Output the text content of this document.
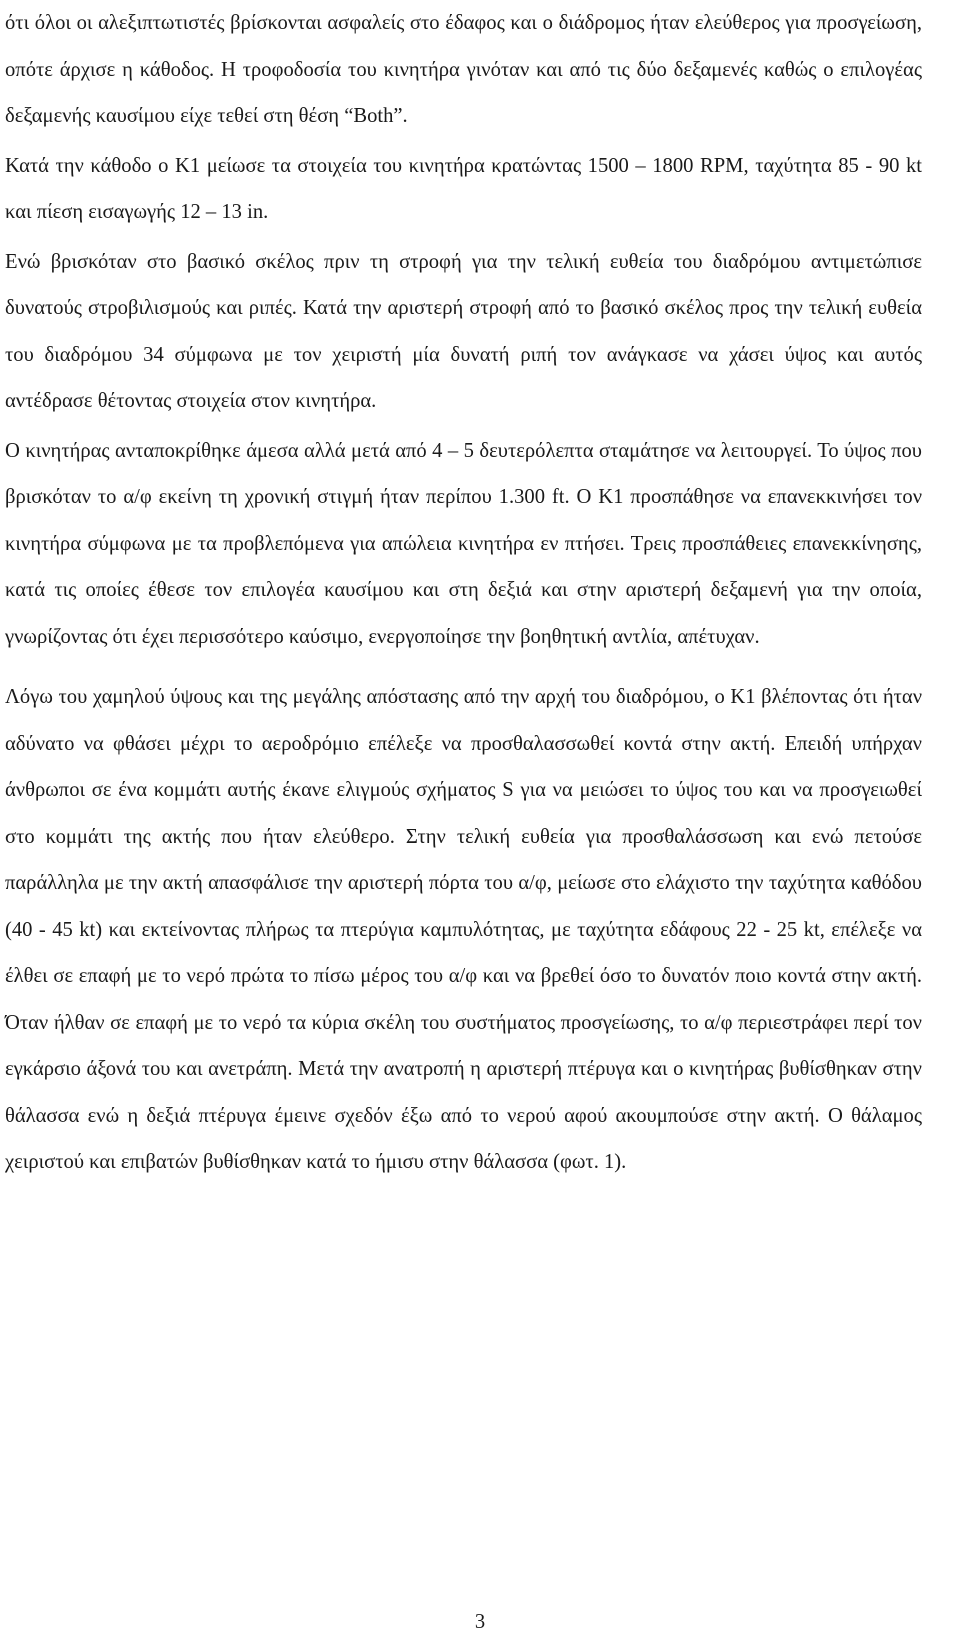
ότι όλοι οι αλεξιπτωτιστές βρίσκονται ασφαλείς στο έδαφος και ο διάδρομος ήταν ελεύθερος για προσγείωση, οπότε άρχισε η κάθοδος. Η τροφοδοσία του κινητήρα γινόταν και από τις δύο δεξαμενές καθώς ο επιλογέας δεξαμενής καυσίμου είχε τεθεί στη θέση “Both”.

Κατά την κάθοδο ο Κ1 μείωσε τα στοιχεία του κινητήρα κρατώντας 1500 – 1800 RPM, ταχύτητα 85 - 90 kt και πίεση εισαγωγής 12 – 13 in.

Ενώ βρισκόταν στο βασικό σκέλος πριν τη στροφή για την τελική ευθεία του διαδρόμου αντιμετώπισε δυνατούς στροβιλισμούς και ριπές. Κατά την αριστερή στροφή από το βασικό σκέλος προς την τελική ευθεία του διαδρόμου 34 σύμφωνα με τον χειριστή μία δυνατή ριπή τον ανάγκασε να χάσει ύψος και αυτός αντέδρασε θέτοντας στοιχεία στον κινητήρα.

Ο κινητήρας ανταποκρίθηκε άμεσα αλλά μετά από 4 – 5 δευτερόλεπτα σταμάτησε να λειτουργεί. Το ύψος που βρισκόταν το α/φ εκείνη τη χρονική στιγμή ήταν περίπου 1.300 ft. Ο Κ1 προσπάθησε να επανεκκινήσει τον κινητήρα σύμφωνα με τα προβλεπόμενα για απώλεια κινητήρα εν πτήσει. Τρεις προσπάθειες επανεκκίνησης, κατά τις οποίες έθεσε τον επιλογέα καυσίμου και στη δεξιά και στην αριστερή δεξαμενή για την οποία, γνωρίζοντας ότι έχει περισσότερο καύσιμο, ενεργοποίησε την βοηθητική αντλία, απέτυχαν.

Λόγω του χαμηλού ύψους και της μεγάλης απόστασης από την αρχή του διαδρόμου, ο Κ1 βλέποντας ότι ήταν αδύνατο να φθάσει μέχρι το αεροδρόμιο επέλεξε να προσθαλασσωθεί κοντά στην ακτή. Επειδή υπήρχαν άνθρωποι σε ένα κομμάτι αυτής έκανε ελιγμούς σχήματος S για να μειώσει το ύψος του και να προσγειωθεί στο κομμάτι της ακτής που ήταν ελεύθερο. Στην τελική ευθεία για προσθαλάσσωση και ενώ πετούσε παράλληλα με την ακτή απασφάλισε την αριστερή πόρτα του α/φ, μείωσε στο ελάχιστο την ταχύτητα καθόδου (40 - 45 kt) και εκτείνοντας πλήρως τα πτερύγια καμπυλότητας, με ταχύτητα εδάφους 22 - 25 kt, επέλεξε να έλθει σε επαφή με το νερό πρώτα το πίσω μέρος του α/φ και να βρεθεί όσο το δυνατόν ποιο κοντά στην ακτή. Όταν ήλθαν σε επαφή με το νερό τα κύρια σκέλη του συστήματος προσγείωσης, το α/φ περιεστράφει περί τον εγκάρσιο άξονά του και ανετράπη. Μετά την ανατροπή η αριστερή πτέρυγα και ο κινητήρας βυθίσθηκαν στην θάλασσα ενώ η δεξιά πτέρυγα έμεινε σχεδόν έξω από το νερού αφού ακουμπούσε στην ακτή. Ο θάλαμος χειριστού και επιβατών βυθίσθηκαν κατά το ήμισυ στην θάλασσα (φωτ. 1).

3
